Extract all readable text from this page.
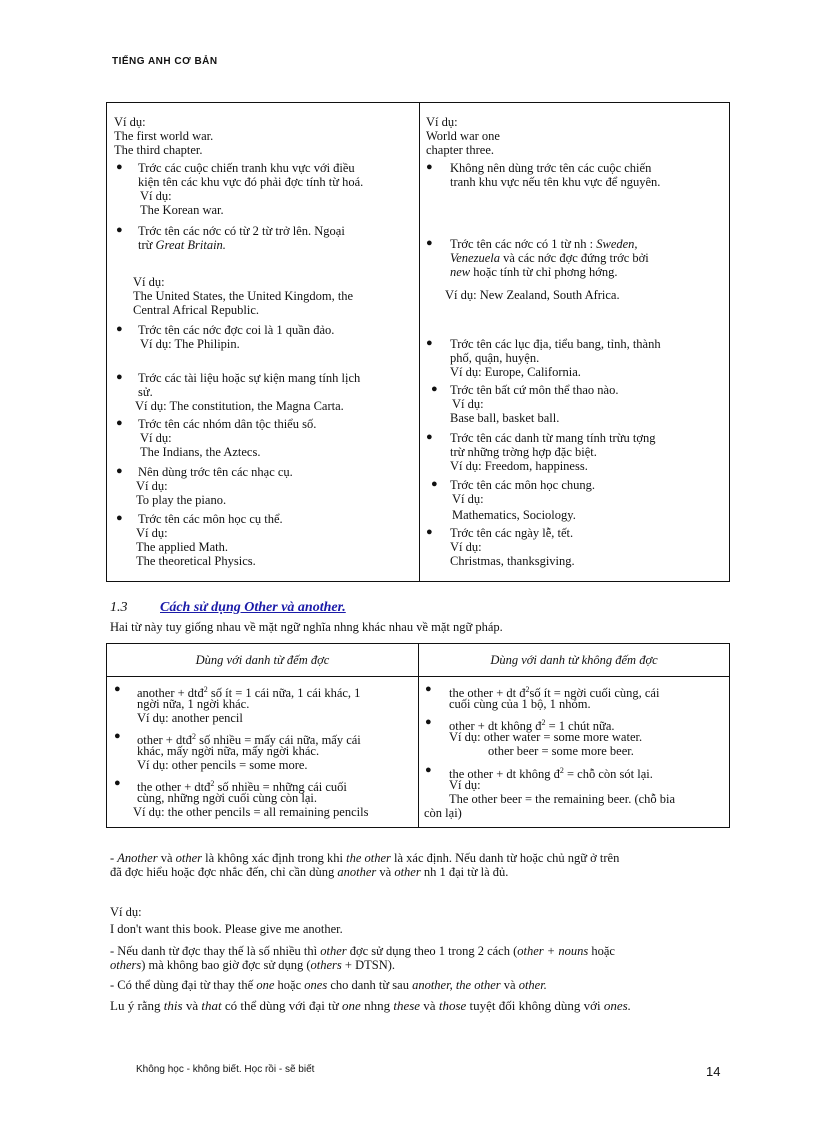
TIẾNG ANH CƠ BẢN
Ví dụ:
The first world war.
The third chapter.
● Trớc các cuộc chiến tranh khu vực với điều
kiện tên các khu vực đó phải đợc tính từ hoá.
Ví dụ:
The Korean war.
● Trớc tên các nớc có từ 2 từ trở lên. Ngoại
trừ Great Britain.
Ví dụ:
The United States, the United Kingdom, the
Central Africal Republic.
● Trớc tên các nớc đợc coi là 1 quần đảo.
Ví dụ: The Philipin.
● Trớc các tài liệu hoặc sự kiện mang tính lịch
sử.
Ví dụ: The constitution, the Magna Carta.
● Trớc tên các nhóm dân tộc thiểu số.
Ví dụ:
The Indians, the Aztecs.
● Nên dùng trớc tên các nhạc cụ.
Ví dụ:
To play the piano.
● Trớc tên các môn học cụ thể.
Ví dụ:
The applied Math.
The theoretical Physics.
Ví dụ:
World war one
chapter three.
● Không nên dùng trớc tên các cuộc chiến
tranh khu vực nếu tên khu vực để nguyên.
● Trớc tên các nớc có 1 từ nh : Sweden,
Venezuela và các nớc đợc đứng trớc bởi
new hoặc tính từ chỉ phơng hớng.
Ví dụ: New Zealand, South Africa.
● Trớc tên các lục địa, tiểu bang, tỉnh, thành
phố, quận, huyện.
Ví dụ: Europe, California.
● Trớc tên bất cứ môn thể thao nào.
Ví dụ:
Base ball, basket ball.
● Trớc tên các danh từ mang tính trừu tợng
trừ những trờng hợp đặc biệt.
Ví dụ: Freedom, happiness.
● Trớc tên các môn học chung.
Ví dụ:
Mathematics, Sociology.
● Trớc tên các ngày lễ, tết.
Ví dụ:
Christmas, thanksgiving.
1.3 Cách sử dụng Other và another.
Hai từ này tuy giống nhau về mặt ngữ nghĩa nhng khác nhau về mặt ngữ pháp.
Dùng với danh từ đếm đợc	Dùng với danh từ không đếm đợc
● another + dtđ$^2$ số ít = 1 cái nữa, 1 cái khác, 1
ngời nữa, 1 ngời khác.
Ví dụ: another pencil
● other + dtđ$^2$ số nhiều = mấy cái nữa, mấy cái
khác, mấy ngời nữa, mấy ngời khác.
Ví dụ: other pencils = some more.
● the other + dtđ$^2$ số nhiều = những cái cuối
cùng, những ngời cuối cùng còn lại.
Ví dụ: the other pencils = all remaining pencils
● the other + dt $đ^2số$ ít = ngời cuối cùng, cái
cuối cùng của 1 bộ, 1 nhóm.
● other + dt không $đ^2 = 1$ chút nữa.
Ví dụ: other water = some more water.
other beer = some more beer.
● the other + dt không $đ^2$ = chỗ còn sót lại.
Ví dụ:
The other beer = the remaining beer. (chỗ bia
còn lại)
- Another và other là không xác định trong khi the other là xác định. Nếu danh từ hoặc chủ ngữ ở trên
đã đợc hiểu hoặc đợc nhắc đến, chỉ cần dùng another và other nh 1 đại từ là đủ.
Ví dụ:
I don't want this book. Please give me another.
- Nếu danh từ đợc thay thế là số nhiều thì other đợc sử dụng theo 1 trong 2 cách (other + nouns hoặc
others) mà không bao giờ đợc sử dụng (others + DTSN).
- Có thể dùng đại từ thay thế one hoặc ones cho danh từ sau another, the other và other.
Lu ý rằng this và that có thể dùng với đại từ one nhng these và those tuyệt đối không dùng với ones.
Không học - không biết. Học rồi - sẽ biết	14
